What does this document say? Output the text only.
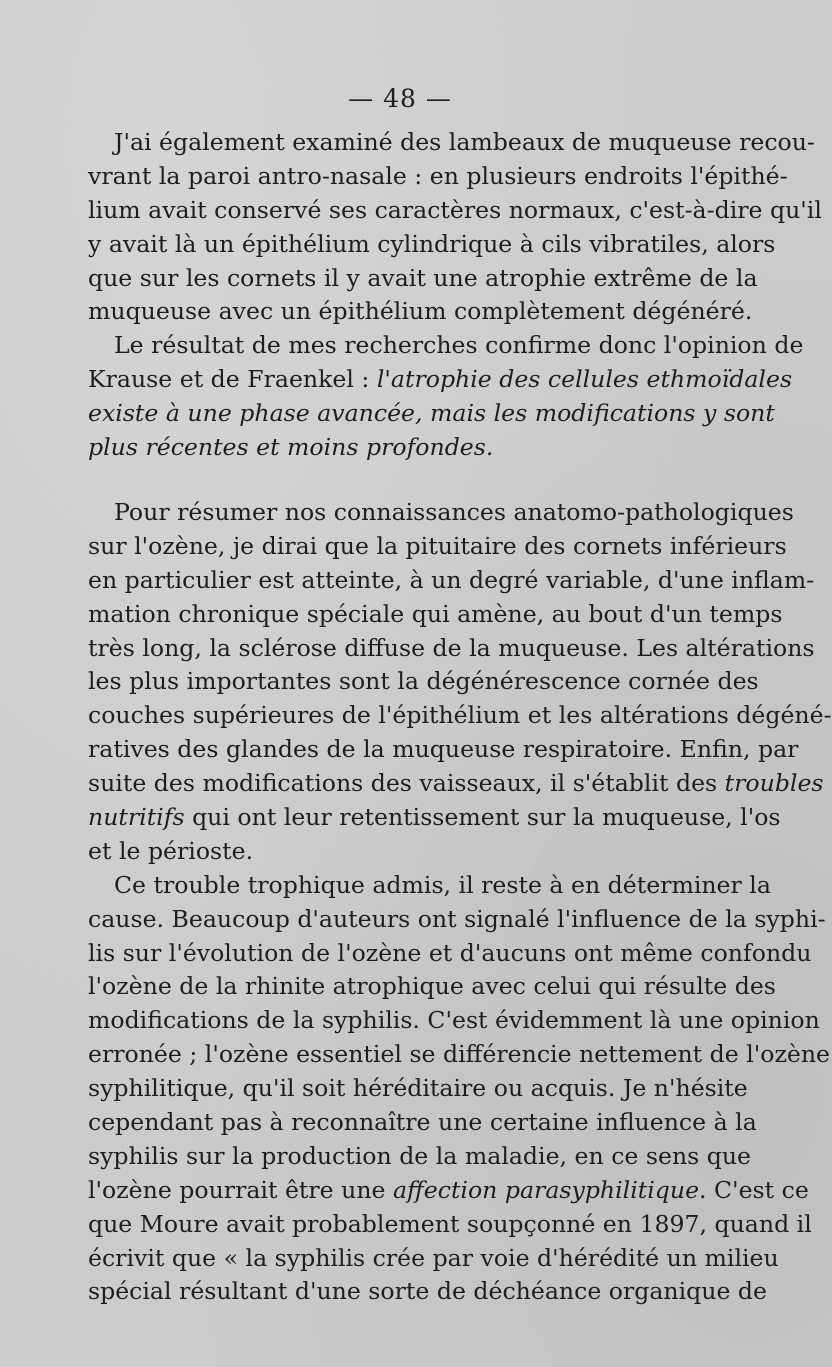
— 48 —
J'ai également examiné des lambeaux de muqueuse recou-
vrant la paroi antro-nasale : en plusieurs endroits l'épithé-
lium avait conservé ses caractères normaux, c'est-à-dire qu'il
y avait là un épithélium cylindrique à cils vibratiles, alors
que sur les cornets il y avait une atrophie extrême de la
muqueuse avec un épithélium complètement dégénéré.
Le résultat de mes recherches confirme donc l'opinion de
Krause et de Fraenkel : l'atrophie des cellules ethmoïdales
existe à une phase avancée, mais les modifications y sont
plus récentes et moins profondes.
Pour résumer nos connaissances anatomo-pathologiques
sur l'ozène, je dirai que la pituitaire des cornets inférieurs
en particulier est atteinte, à un degré variable, d'une inflam-
mation chronique spéciale qui amène, au bout d'un temps
très long, la sclérose diffuse de la muqueuse. Les altérations
les plus importantes sont la dégénérescence cornée des
couches supérieures de l'épithélium et les altérations dégéné-
ratives des glandes de la muqueuse respiratoire. Enfin, par
suite des modifications des vaisseaux, il s'établit des troubles
nutritifs qui ont leur retentissement sur la muqueuse, l'os
et le périoste.
Ce trouble trophique admis, il reste à en déterminer la
cause. Beaucoup d'auteurs ont signalé l'influence de la syphi-
lis sur l'évolution de l'ozène et d'aucuns ont même confondu
l'ozène de la rhinite atrophique avec celui qui résulte des
modifications de la syphilis. C'est évidemment là une opinion
erronée ; l'ozène essentiel se différencie nettement de l'ozène
syphilitique, qu'il soit héréditaire ou acquis. Je n'hésite
cependant pas à reconnaître une certaine influence à la
syphilis sur la production de la maladie, en ce sens que
l'ozène pourrait être une affection parasyphilitique. C'est ce
que Moure avait probablement soupçonné en 1897, quand il
écrivit que « la syphilis crée par voie d'hérédité un milieu
spécial résultant d'une sorte de déchéance organique de
